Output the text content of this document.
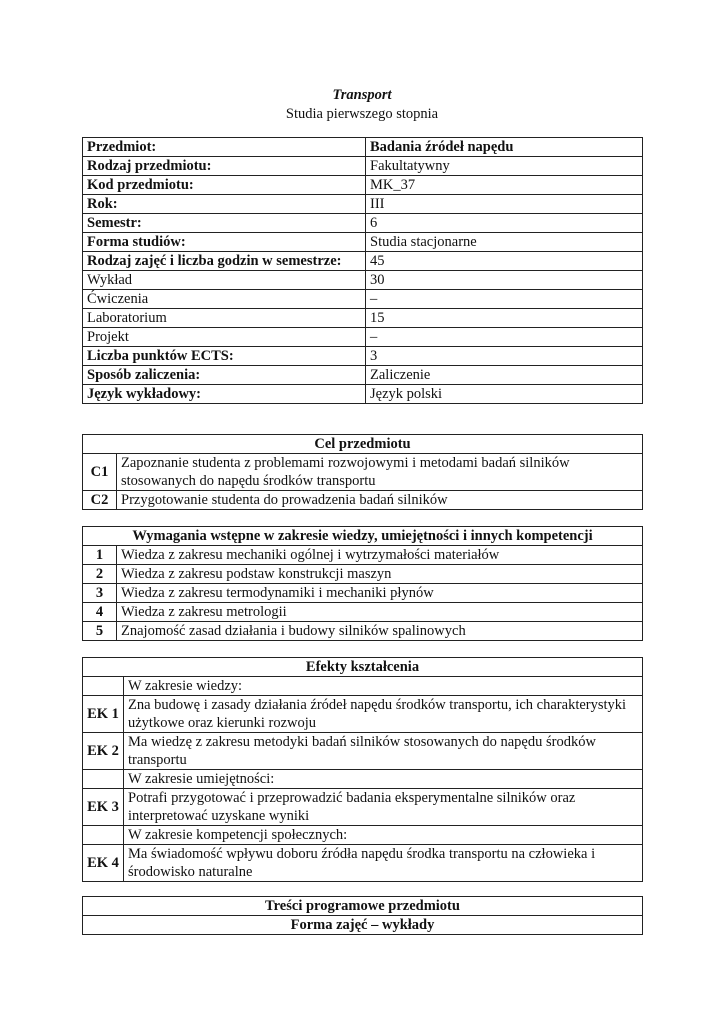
Transport
Studia pierwszego stopnia
Przedmiot:	Badania źródeł napędu
Rodzaj przedmiotu:	Fakultatywny
Kod przedmiotu:	MK_37
Rok:	III
Semestr:	6
Forma studiów:	Studia stacjonarne
Rodzaj zajęć i liczba godzin w semestrze:	45
Wykład	30
Ćwiczenia	–
Laboratorium	15
Projekt	–
Liczba punktów ECTS:	3
Sposób zaliczenia:	Zaliczenie
Język wykładowy:	Język polski
Cel przedmiotu	
C1	Zapoznanie studenta z problemami rozwojowymi i metodami badań silników stosowanych do napędu środków transportu
C2	Przygotowanie studenta do prowadzenia badań silników
Wymagania wstępne w zakresie wiedzy, umiejętności i innych kompetencji	
1	Wiedza z zakresu mechaniki ogólnej i wytrzymałości materiałów
2	Wiedza z zakresu podstaw konstrukcji maszyn
3	Wiedza z zakresu termodynamiki i mechaniki płynów
4	Wiedza z zakresu metrologii
5	Znajomość zasad działania i budowy silników spalinowych
Efekty kształcenia	
	W zakresie wiedzy:
EK 1	Zna budowę i zasady działania źródeł napędu środków transportu, ich charakterystyki użytkowe oraz kierunki rozwoju
EK 2	Ma wiedzę z zakresu metodyki badań silników stosowanych do napędu środków transportu
	W zakresie umiejętności:
EK 3	Potrafi przygotować i przeprowadzić badania eksperymentalne silników oraz interpretować uzyskane wyniki
	W zakresie kompetencji społecznych:
EK 4	Ma świadomość wpływu doboru źródła napędu środka transportu na człowieka i środowisko naturalne
Treści programowe przedmiotu
Forma zajęć – wykłady
